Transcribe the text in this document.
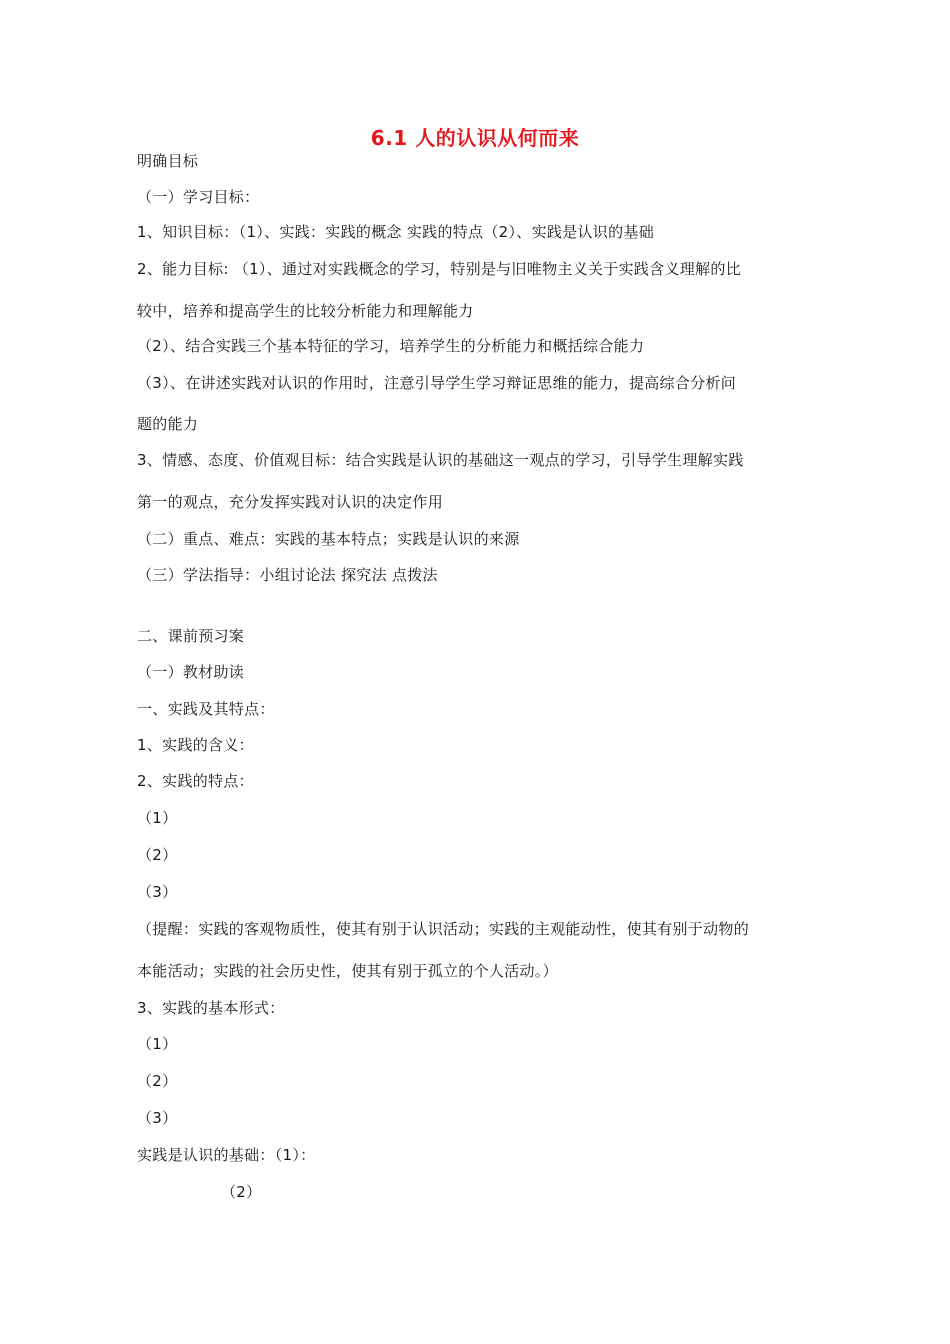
6.1 人的认识从何而来
明确目标
（一）学习目标：
1、知识目标：（1）、实践：实践的概念 实践的特点（2）、实践是认识的基础
2、能力目标: （1）、通过对实践概念的学习，特别是与旧唯物主义关于实践含义理解的比
较中，培养和提高学生的比较分析能力和理解能力
（2）、结合实践三个基本特征的学习，培养学生的分析能力和概括综合能力
（3）、在讲述实践对认识的作用时，注意引导学生学习辩证思维的能力，提高综合分析问
题的能力
3、情感、态度、价值观目标：结合实践是认识的基础这一观点的学习，引导学生理解实践
第一的观点，充分发挥实践对认识的决定作用
（二）重点、难点：实践的基本特点；实践是认识的来源
（三）学法指导：小组讨论法 探究法 点拨法
二、课前预习案
（一）教材助读
一、实践及其特点：
1、实践的含义：
2、实践的特点：
（1）
（2）
（3）
（提醒：实践的客观物质性，使其有别于认识活动；实践的主观能动性，使其有别于动物的
本能活动；实践的社会历史性，使其有别于孤立的个人活动。）
3、实践的基本形式：
（1）
（2）
（3）
实践是认识的基础：（1）：
（2）
